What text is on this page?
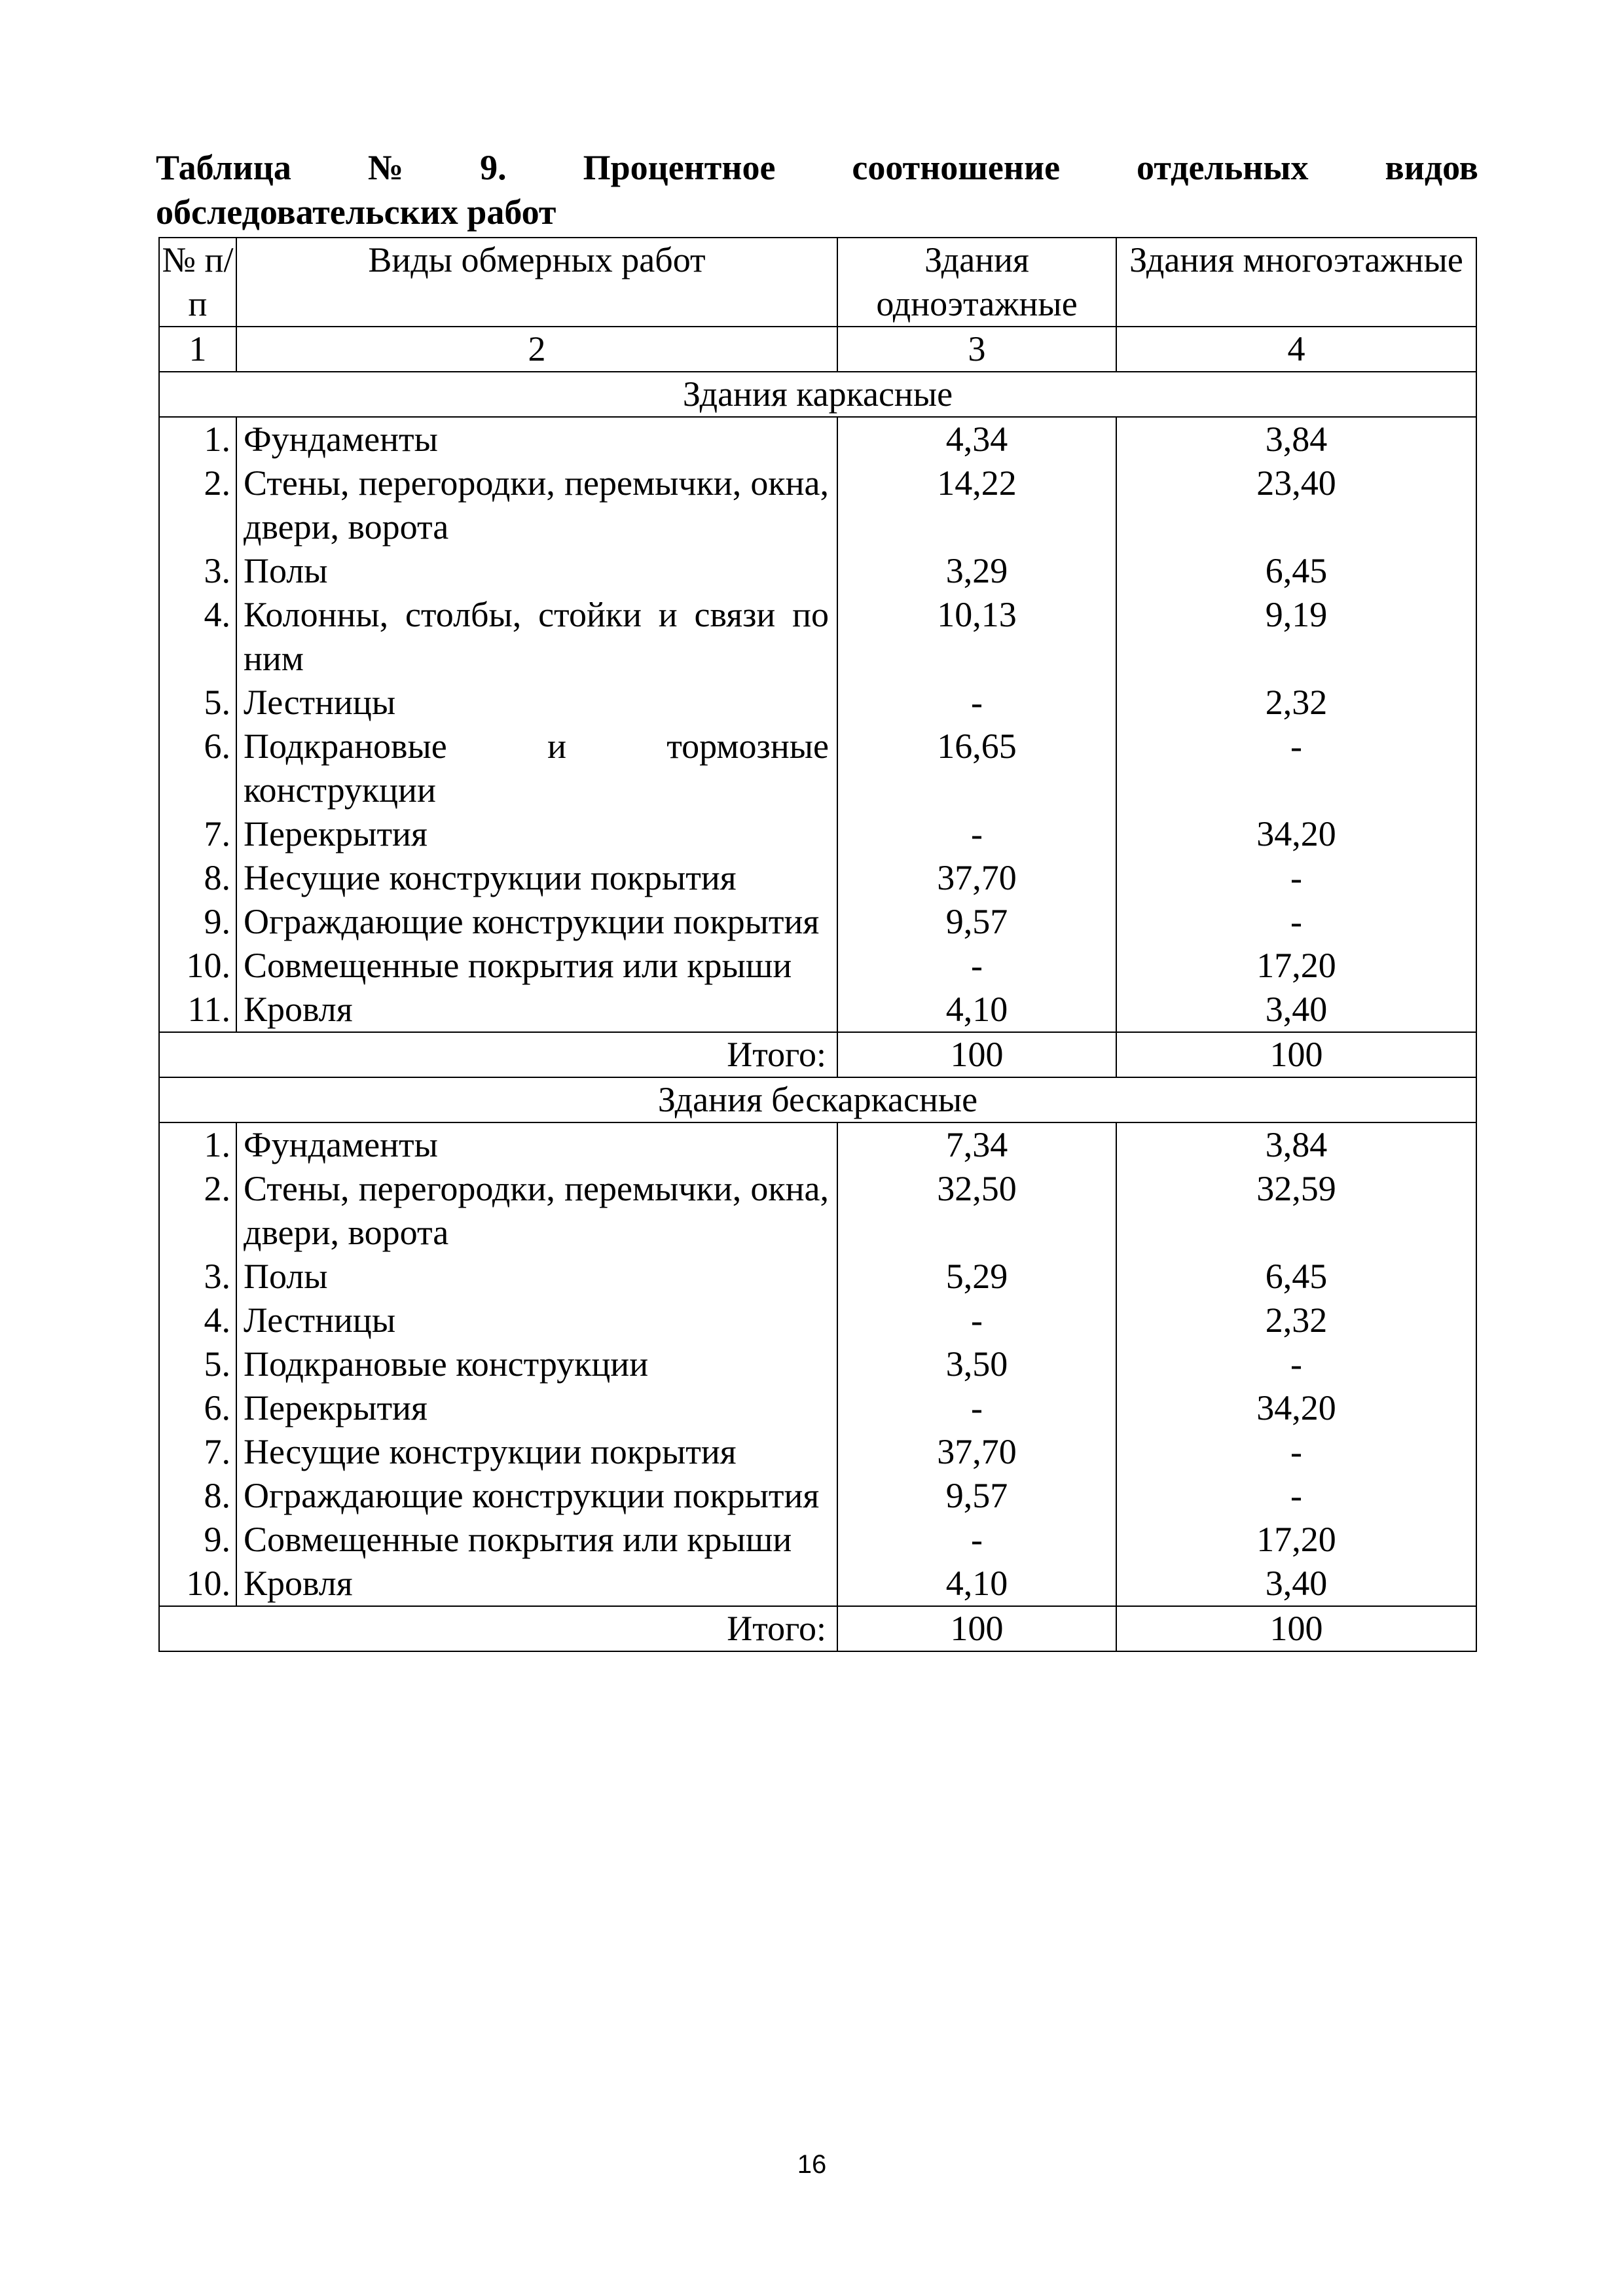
Таблица № 9. Процентное соотношение отдельных видов
обследовательских работ
№ п/п	Виды обмерных работ	Здания одноэтажные	Здания многоэтажные
1	2	3	4
Здания каркасные			
1.	Фундаменты	4,34	3,84
2.	Стены, перегородки, перемычки, окна, двери, ворота	14,22	23,40
3.	Полы	3,29	6,45
4.	Колонны, столбы, стойки и связи по ним	10,13	9,19
5.	Лестницы	-	2,32
6.	Подкрановые и тормозные конструкции	16,65	-
7.	Перекрытия	-	34,20
8.	Несущие конструкции покрытия	37,70	-
9.	Ограждающие конструкции покрытия	9,57	-
10.	Совмещенные покрытия или крыши	-	17,20
11.	Кровля	4,10	3,40
Итого:		100	100
Здания бескаркасные			
1.	Фундаменты	7,34	3,84
2.	Стены, перегородки, перемычки, окна, двери, ворота	32,50	32,59
3.	Полы	5,29	6,45
4.	Лестницы	-	2,32
5.	Подкрановые конструкции	3,50	-
6.	Перекрытия	-	34,20
7.	Несущие конструкции покрытия	37,70	-
8.	Ограждающие конструкции покрытия	9,57	-
9.	Совмещенные покрытия или крыши	-	17,20
10.	Кровля	4,10	3,40
Итого:		100	100
16
